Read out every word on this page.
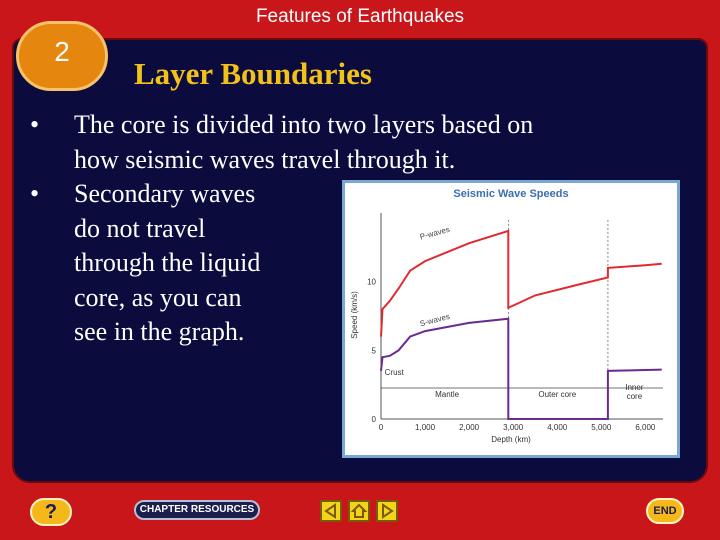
Features of Earthquakes
2
Layer Boundaries
•	The core is divided into two layers based on
how seismic waves travel through it.
•	Secondary waves
do not travel
through the liquid
core, as you can
see in the graph.
Seismic Wave Speeds
0	1,000	2,000	3,000	4,000	5,000	6,000
0
5
10
Depth (km)
Speed (km/s)
P-waves
S-waves
Crust
Mantle	Outer core
Inner
core
?	CHAPTER RESOURCES	END
